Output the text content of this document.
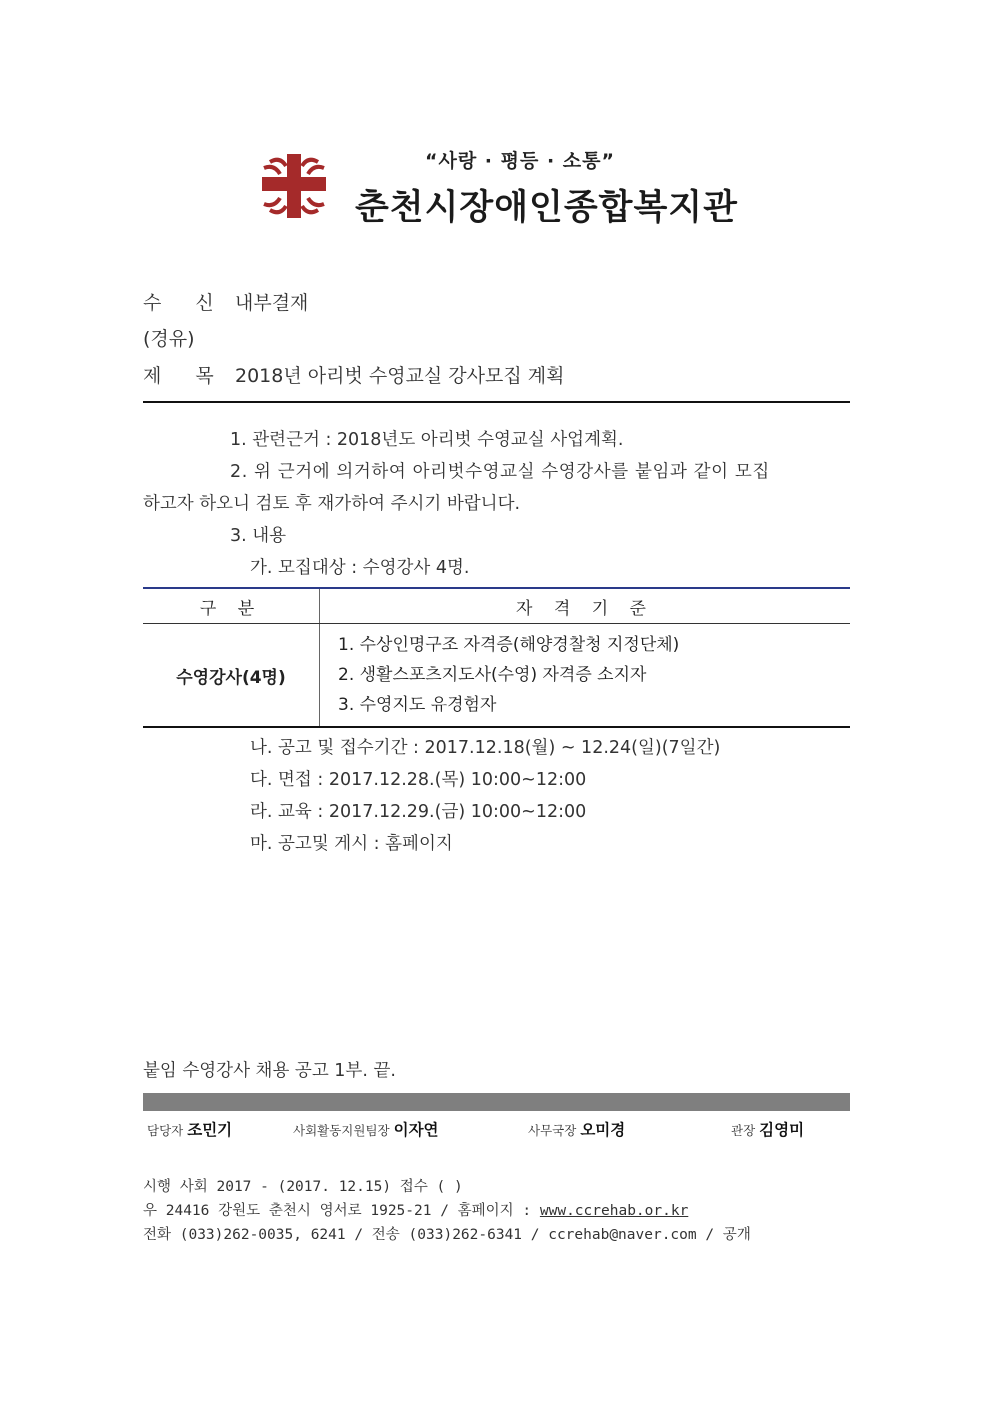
“사랑 · 평등 · 소통”
춘천시장애인종합복지관
수 신 내부결재
(경유)
제 목 2018년 아리벗 수영교실 강사모집 계획
1. 관련근거 : 2018년도 아리벗 수영교실 사업계획.
2. 위 근거에 의거하여 아리벗수영교실 수영강사를 붙임과 같이 모집
하고자 하오니 검토 후 재가하여 주시기 바랍니다.
3. 내용
가. 모집대상 : 수영강사 4명.
구 분	자 격 기 준
수영강사(4명)	1. 수상인명구조 자격증(해양경찰청 지정단체)
2. 생활스포츠지도사(수영) 자격증 소지자
3. 수영지도 유경험자
나. 공고 및 접수기간 : 2017.12.18(월) ~ 12.24(일)(7일간)
다. 면접 : 2017.12.28.(목) 10:00~12:00
라. 교육 : 2017.12.29.(금) 10:00~12:00
마. 공고및 게시 : 홈페이지
붙임 수영강사 채용 공고 1부. 끝.
담당자 조민기	사회활동지원팀장 이자연	사무국장 오미경	관장 김영미
시행 사회 2017 - (2017. 12.15) 접수 ( )
우 24416 강원도 춘천시 영서로 1925-21 / 홈페이지 : www.ccrehab.or.kr
전화 (033)262-0035, 6241 / 전송 (033)262-6341 / ccrehab@naver.com / 공개
